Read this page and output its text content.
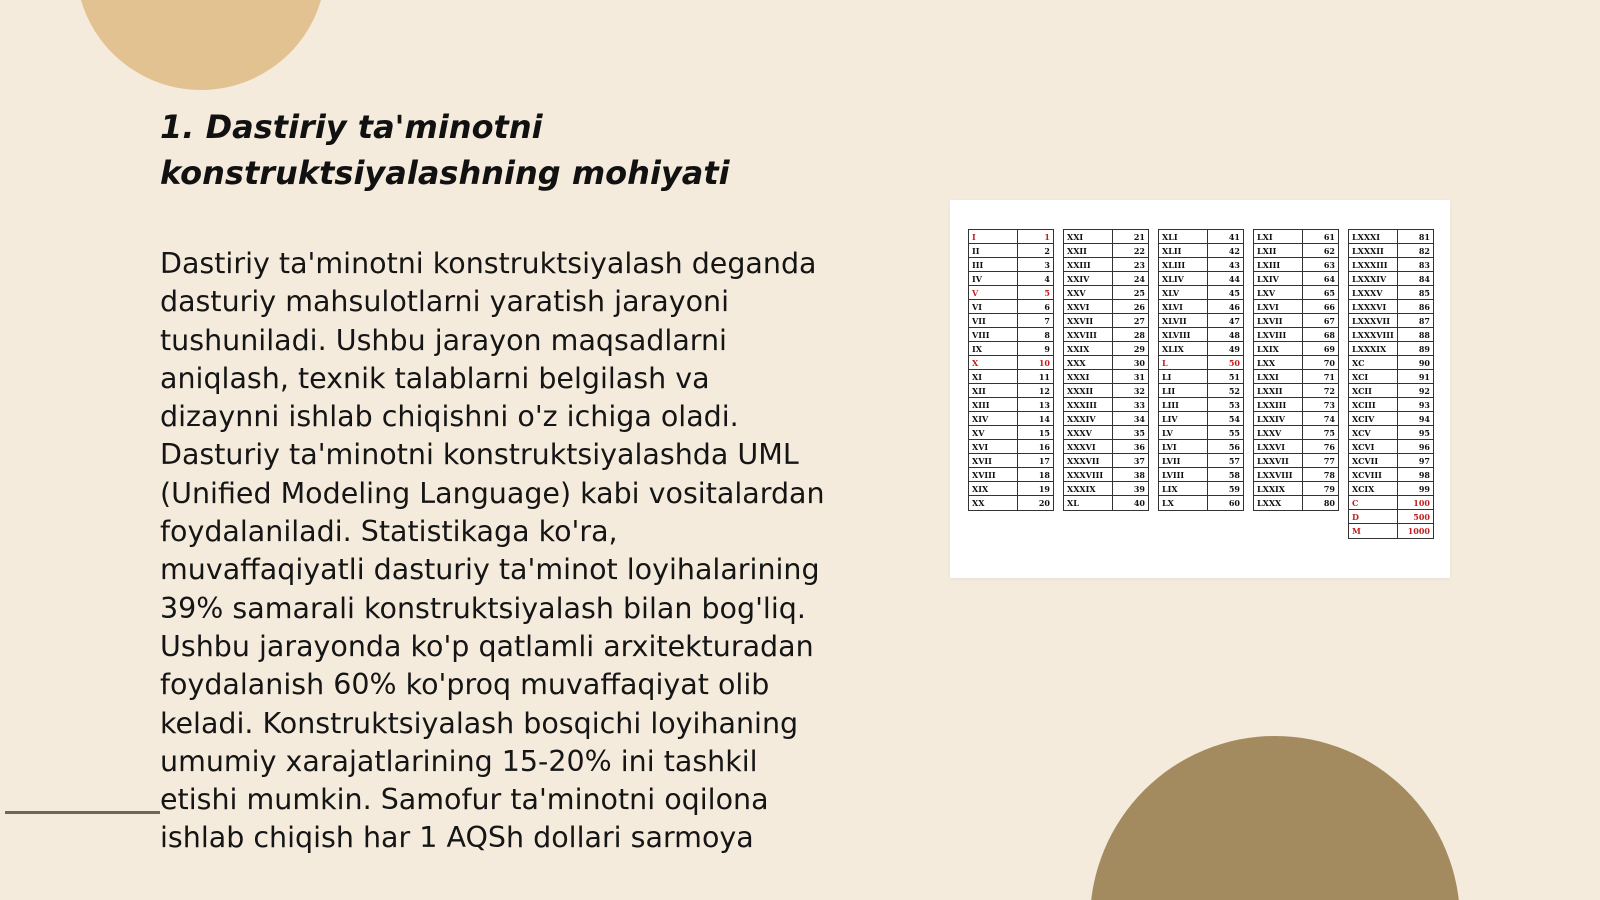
1. Dastiriy ta'minotni
konstruktsiyalashning mohiyati

Dastiriy ta'minotni konstruktsiyalash deganda dasturiy mahsulotlarni yaratish jarayoni tushuniladi. Ushbu jarayon maqsadlarni aniqlash, texnik talablarni belgilash va dizaynni ishlab chiqishni o'z ichiga oladi. Dasturiy ta'minotni konstruktsiyalashda UML (Unified Modeling Language) kabi vositalardan foydalaniladi. Statistikaga ko'ra, muvaffaqiyatli dasturiy ta'minot loyihalarining 39% samarali konstruktsiyalash bilan bog'liq. Ushbu jarayonda ko'p qatlamli arxitekturadan foydalanish 60% ko'proq muvaffaqiyat olib keladi. Konstruktsiyalash bosqichi loyihaning umumiy xarajatlarining 15-20% ini tashkil etishi mumkin. Samofur ta'minotni oqilona ishlab chiqish har 1 AQSh dollari sarmoya

I	1
II	2
III	3
IV	4
V	5
VI	6
VII	7
VIII	8
IX	9
X	10
XI	11
XII	12
XIII	13
XIV	14
XV	15
XVI	16
XVII	17
XVIII	18
XIX	19
XX	20
XXI	21
XXII	22
XXIII	23
XXIV	24
XXV	25
XXVI	26
XXVII	27
XXVIII	28
XXIX	29
XXX	30
XXXI	31
XXXII	32
XXXIII	33
XXXIV	34
XXXV	35
XXXVI	36
XXXVII	37
XXXVIII	38
XXXIX	39
XL	40
XLI	41
XLII	42
XLIII	43
XLIV	44
XLV	45
XLVI	46
XLVII	47
XLVIII	48
XLIX	49
L	50
LI	51
LII	52
LIII	53
LIV	54
LV	55
LVI	56
LVII	57
LVIII	58
LIX	59
LX	60
LXI	61
LXII	62
LXIII	63
LXIV	64
LXV	65
LXVI	66
LXVII	67
LXVIII	68
LXIX	69
LXX	70
LXXI	71
LXXII	72
LXXIII	73
LXXIV	74
LXXV	75
LXXVI	76
LXXVII	77
LXXVIII	78
LXXIX	79
LXXX	80
LXXXI	81
LXXXII	82
LXXXIII	83
LXXXIV	84
LXXXV	85
LXXXVI	86
LXXXVII	87
LXXXVIII	88
LXXXIX	89
XC	90
XCI	91
XCII	92
XCIII	93
XCIV	94
XCV	95
XCVI	96
XCVII	97
XCVIII	98
XCIX	99
C	100
D	500
M	1000
